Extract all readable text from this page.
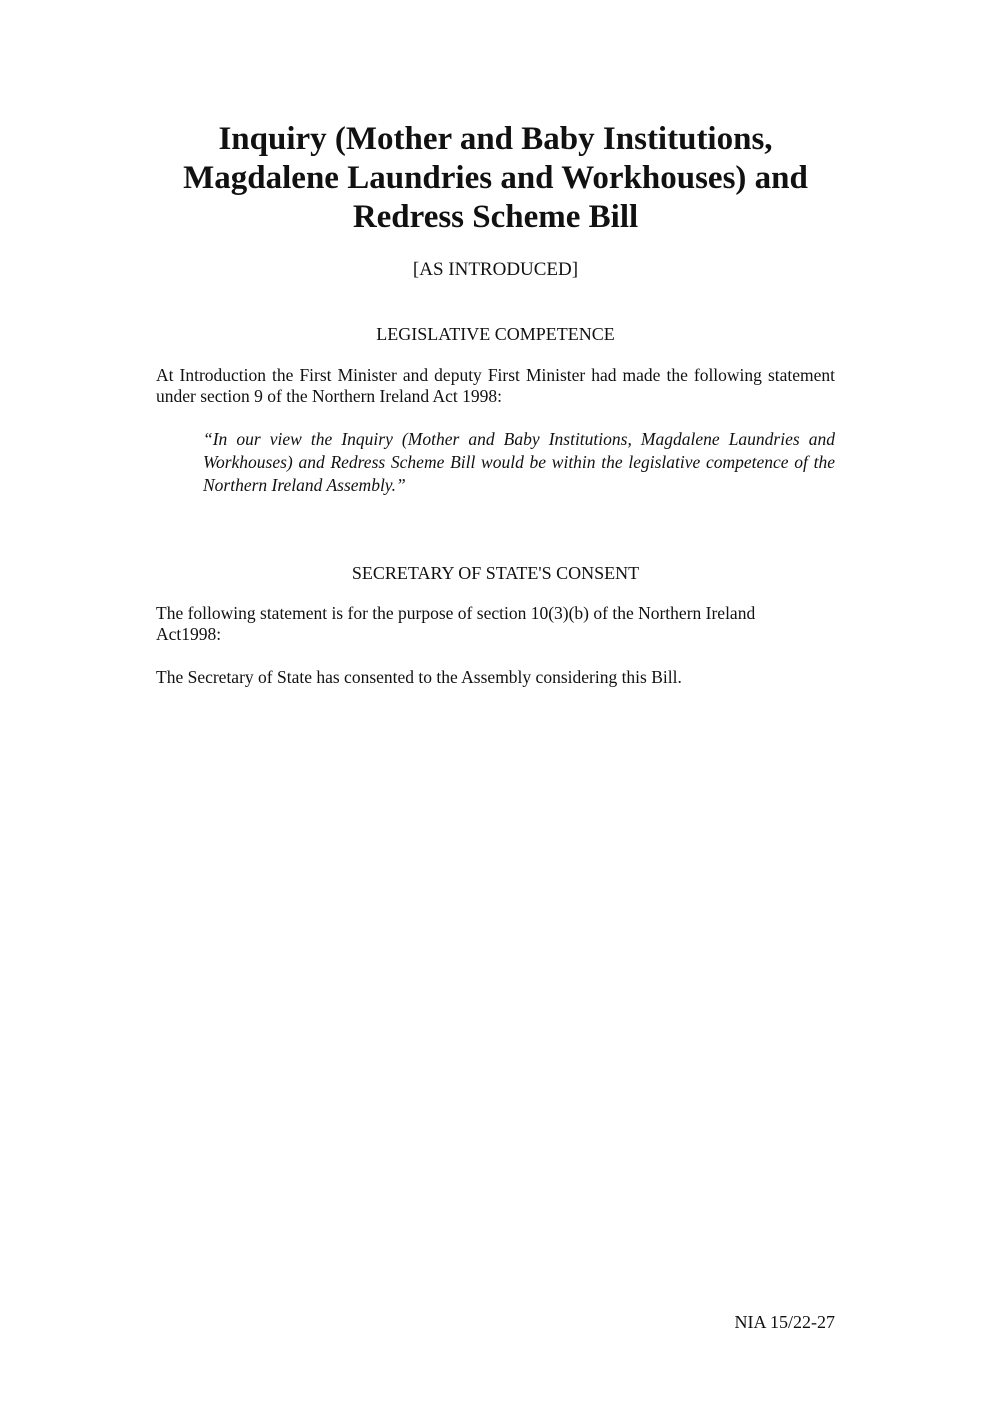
Inquiry (Mother and Baby Institutions,
Magdalene Laundries and Workhouses) and
Redress Scheme Bill
[AS INTRODUCED]
LEGISLATIVE COMPETENCE

At Introduction the First Minister and deputy First Minister had made the following statement under section 9 of the Northern Ireland Act 1998:

“In our view the Inquiry (Mother and Baby Institutions, Magdalene Laundries and Workhouses) and Redress Scheme Bill would be within the legislative competence of the Northern Ireland Assembly.”

SECRETARY OF STATE'S CONSENT

The following statement is for the purpose of section 10(3)(b) of the Northern Ireland Act1998:

The Secretary of State has consented to the Assembly considering this Bill.

NIA 15/22-27
